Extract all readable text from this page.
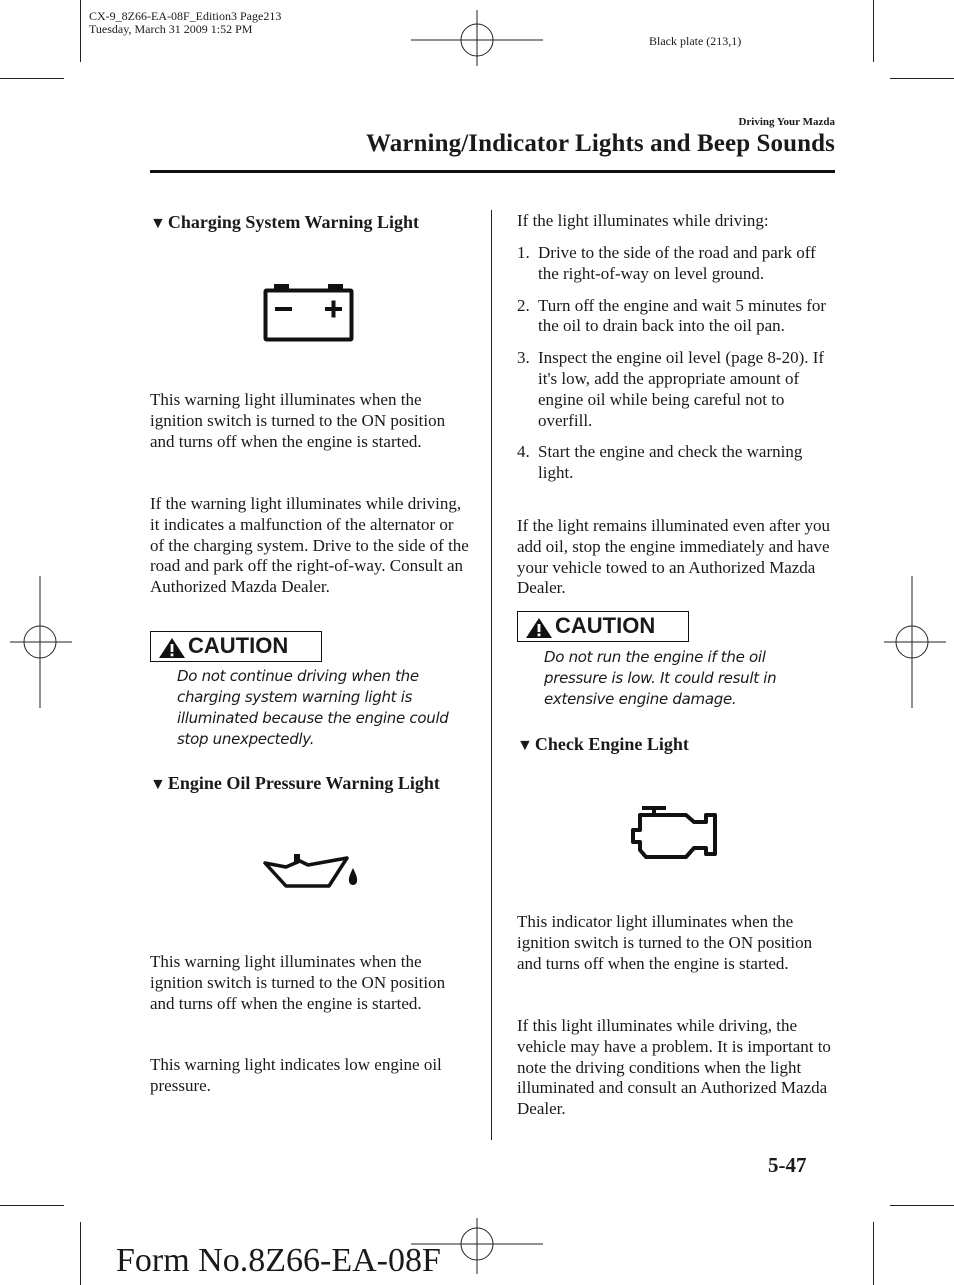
CX-9_8Z66-EA-08F_Edition3 Page213
Tuesday, March 31 2009 1:52 PM
Black plate (213,1)
Driving Your Mazda
Warning/Indicator Lights and Beep Sounds
▼ Charging System Warning Light
This warning light illuminates when the ignition switch is turned to the ON position and turns off when the engine is started.
If the warning light illuminates while driving, it indicates a malfunction of the alternator or of the charging system. Drive to the side of the road and park off the right-of-way. Consult an Authorized Mazda Dealer.
CAUTION
Do not continue driving when the charging system warning light is illuminated because the engine could stop unexpectedly.
▼ Engine Oil Pressure Warning Light
This warning light illuminates when the ignition switch is turned to the ON position and turns off when the engine is started.
This warning light indicates low engine oil pressure.
If the light illuminates while driving:
1. Drive to the side of the road and park off the right-of-way on level ground.
2. Turn off the engine and wait 5 minutes for the oil to drain back into the oil pan.
3. Inspect the engine oil level (page 8-20). If it's low, add the appropriate amount of engine oil while being careful not to overfill.
4. Start the engine and check the warning light.
If the light remains illuminated even after you add oil, stop the engine immediately and have your vehicle towed to an Authorized Mazda Dealer.
CAUTION
Do not run the engine if the oil pressure is low. It could result in extensive engine damage.
▼ Check Engine Light
This indicator light illuminates when the ignition switch is turned to the ON position and turns off when the engine is started.
If this light illuminates while driving, the vehicle may have a problem. It is important to note the driving conditions when the light illuminated and consult an Authorized Mazda Dealer.
5-47
Form No.8Z66-EA-08F
